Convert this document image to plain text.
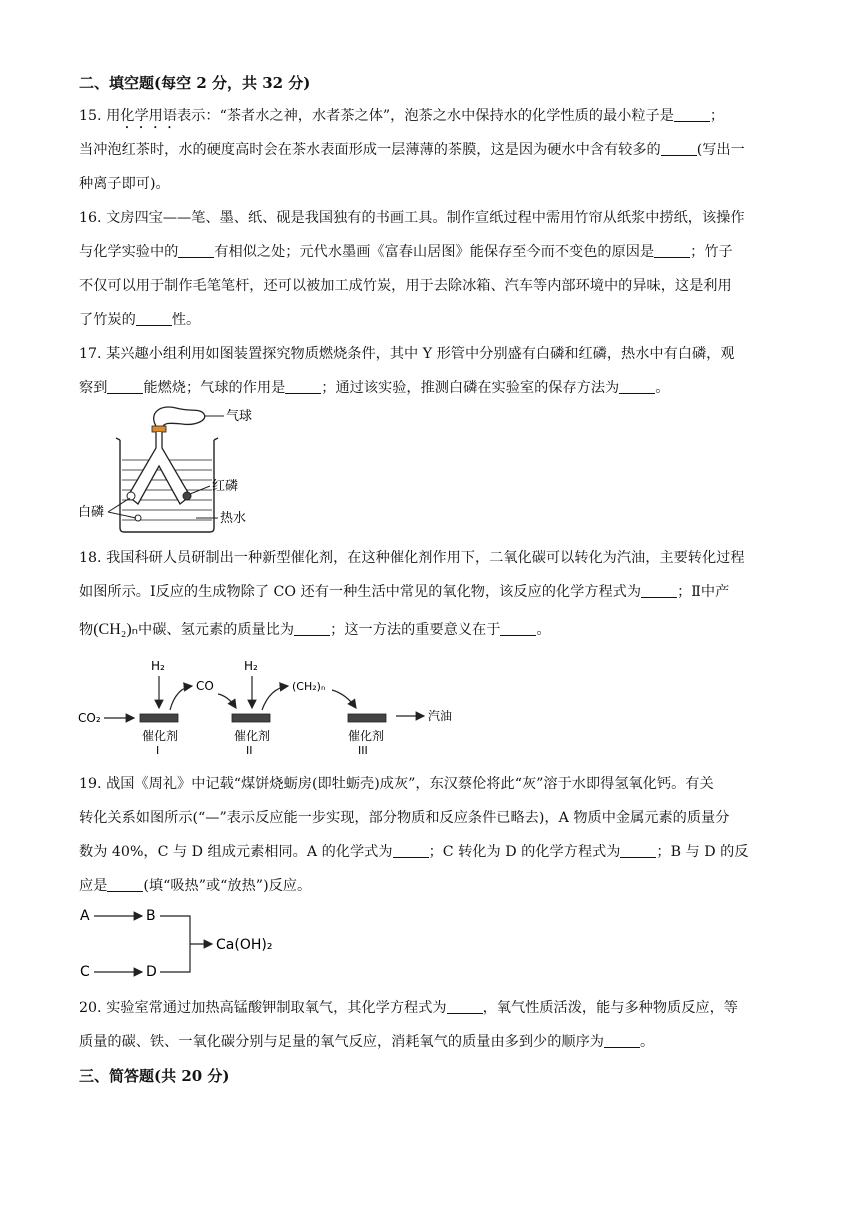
二、填空题(每空 2 分，共 32 分)
15. 用化学用语表示：“茶者水之神，水者茶之体”，泡茶之水中保持水的化学性质的最小粒子是	；
当冲泡红茶时，水的硬度高时会在茶水表面形成一层薄薄的茶膜，这是因为硬水中含有较多的	(写出一
种离子即可)。
16. 文房四宝——笔、墨、纸、砚是我国独有的书画工具。制作宣纸过程中需用竹帘从纸浆中捞纸，该操作
与化学实验中的	有相似之处；元代水墨画《富春山居图》能保存至今而不变色的原因是	；竹子
不仅可以用于制作毛笔笔杆，还可以被加工成竹炭，用于去除冰箱、汽车等内部环境中的异味，这是利用
了竹炭的	性。
17. 某兴趣小组利用如图装置探究物质燃烧条件，其中 Y 形管中分别盛有白磷和红磷，热水中有白磷，观
察到	能燃烧；气球的作用是	；通过该实验，推测白磷在实验室的保存方法为	。
气球
红磷
白磷	热水
18. 我国科研人员研制出一种新型催化剂，在这种催化剂作用下，二氧化碳可以转化为汽油，主要转化过程
如图所示。Ⅰ反应的生成物除了 CO 还有一种生活中常见的氧化物，该反应的化学方程式为	；Ⅱ中产
物(CH₂)ₙ中碳、氢元素的质量比为	；这一方法的重要意义在于	。
CO₂
H₂
CO
催化剂
I
H₂
(CH₂)ₙ
催化剂
II
汽油
催化剂
III
19. 战国《周礼》中记载“煤饼烧蛎房(即牡蛎壳)成灰”，东汉蔡伦将此“灰”溶于水即得氢氧化钙。有关
转化关系如图所示(“—”表示反应能一步实现，部分物质和反应条件已略去)，A 物质中金属元素的质量分
数为 40%，C 与 D 组成元素相同。A 的化学式为	；C 转化为 D 的化学方程式为	；B 与 D 的反
应是	(填“吸热”或“放热”)反应。
A	B
C	D
Ca(OH)₂
20. 实验室常通过加热高锰酸钾制取氧气，其化学方程式为	，氧气性质活泼，能与多种物质反应，等
质量的碳、铁、一氧化碳分别与足量的氧气反应，消耗氧气的质量由多到少的顺序为	。
三、简答题(共 20 分)
